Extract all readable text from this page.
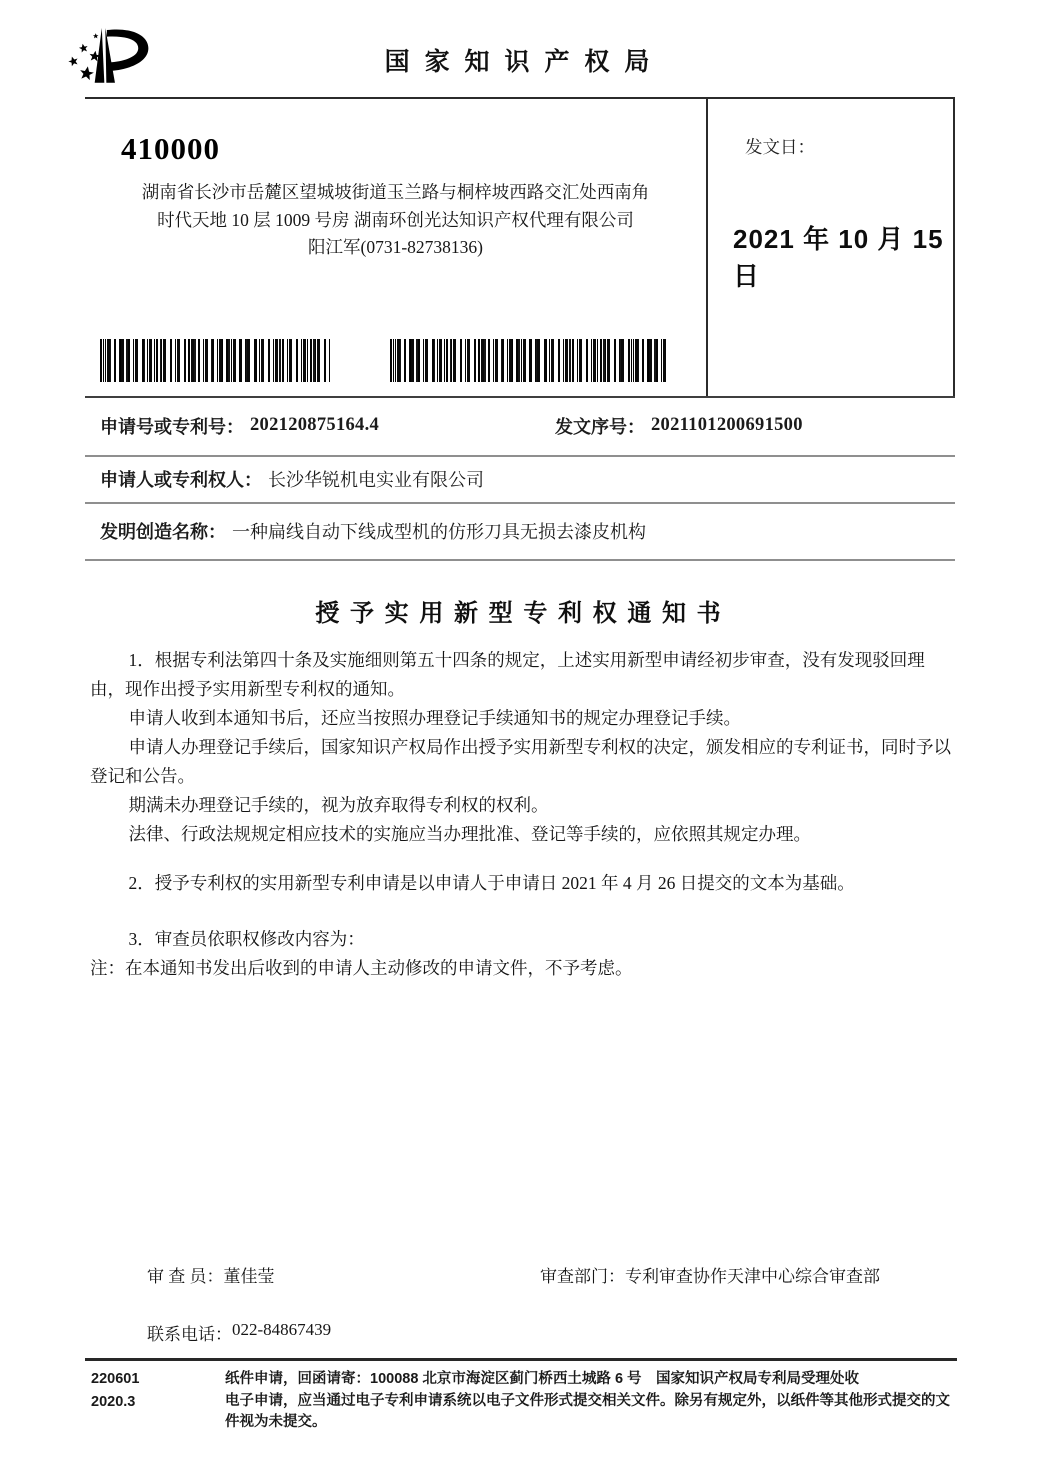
国 家 知 识 产 权 局
410000
湖南省长沙市岳麓区望城坡街道玉兰路与桐梓坡西路交汇处西南角
时代天地 10 层 1009 号房 湖南环创光达知识产权代理有限公司
阳江军(0731-82738136)
发文日：
2021 年 10 月 15 日
申请号或专利号： 202120875164.4	发文序号： 2021101200691500
申请人或专利权人： 长沙华锐机电实业有限公司
发明创造名称： 一种扁线自动下线成型机的仿形刀具无损去漆皮机构
授 予 实 用 新 型 专 利 权 通 知 书

1．根据专利法第四十条及实施细则第五十四条的规定，上述实用新型申请经初步审查，没有发现驳回理由，现作出授予实用新型专利权的通知。

申请人收到本通知书后，还应当按照办理登记手续通知书的规定办理登记手续。

申请人办理登记手续后，国家知识产权局作出授予实用新型专利权的决定，颁发相应的专利证书，同时予以登记和公告。

期满未办理登记手续的，视为放弃取得专利权的权利。

法律、行政法规规定相应技术的实施应当办理批准、登记等手续的，应依照其规定办理。

2．授予专利权的实用新型专利申请是以申请人于申请日 2021 年 4 月 26 日提交的文本为基础。

3．审查员依职权修改内容为：

注：在本通知书发出后收到的申请人主动修改的申请文件，不予考虑。

审 查 员： 董佳莹	审查部门： 专利审查协作天津中心综合审查部
联系电话： 022-84867439
220601
2020.3
纸件申请，回函请寄：100088 北京市海淀区蓟门桥西土城路 6 号　国家知识产权局专利局受理处收
电子申请，应当通过电子专利申请系统以电子文件形式提交相关文件。除另有规定外，以纸件等其他形式提交的文件视为未提交。
